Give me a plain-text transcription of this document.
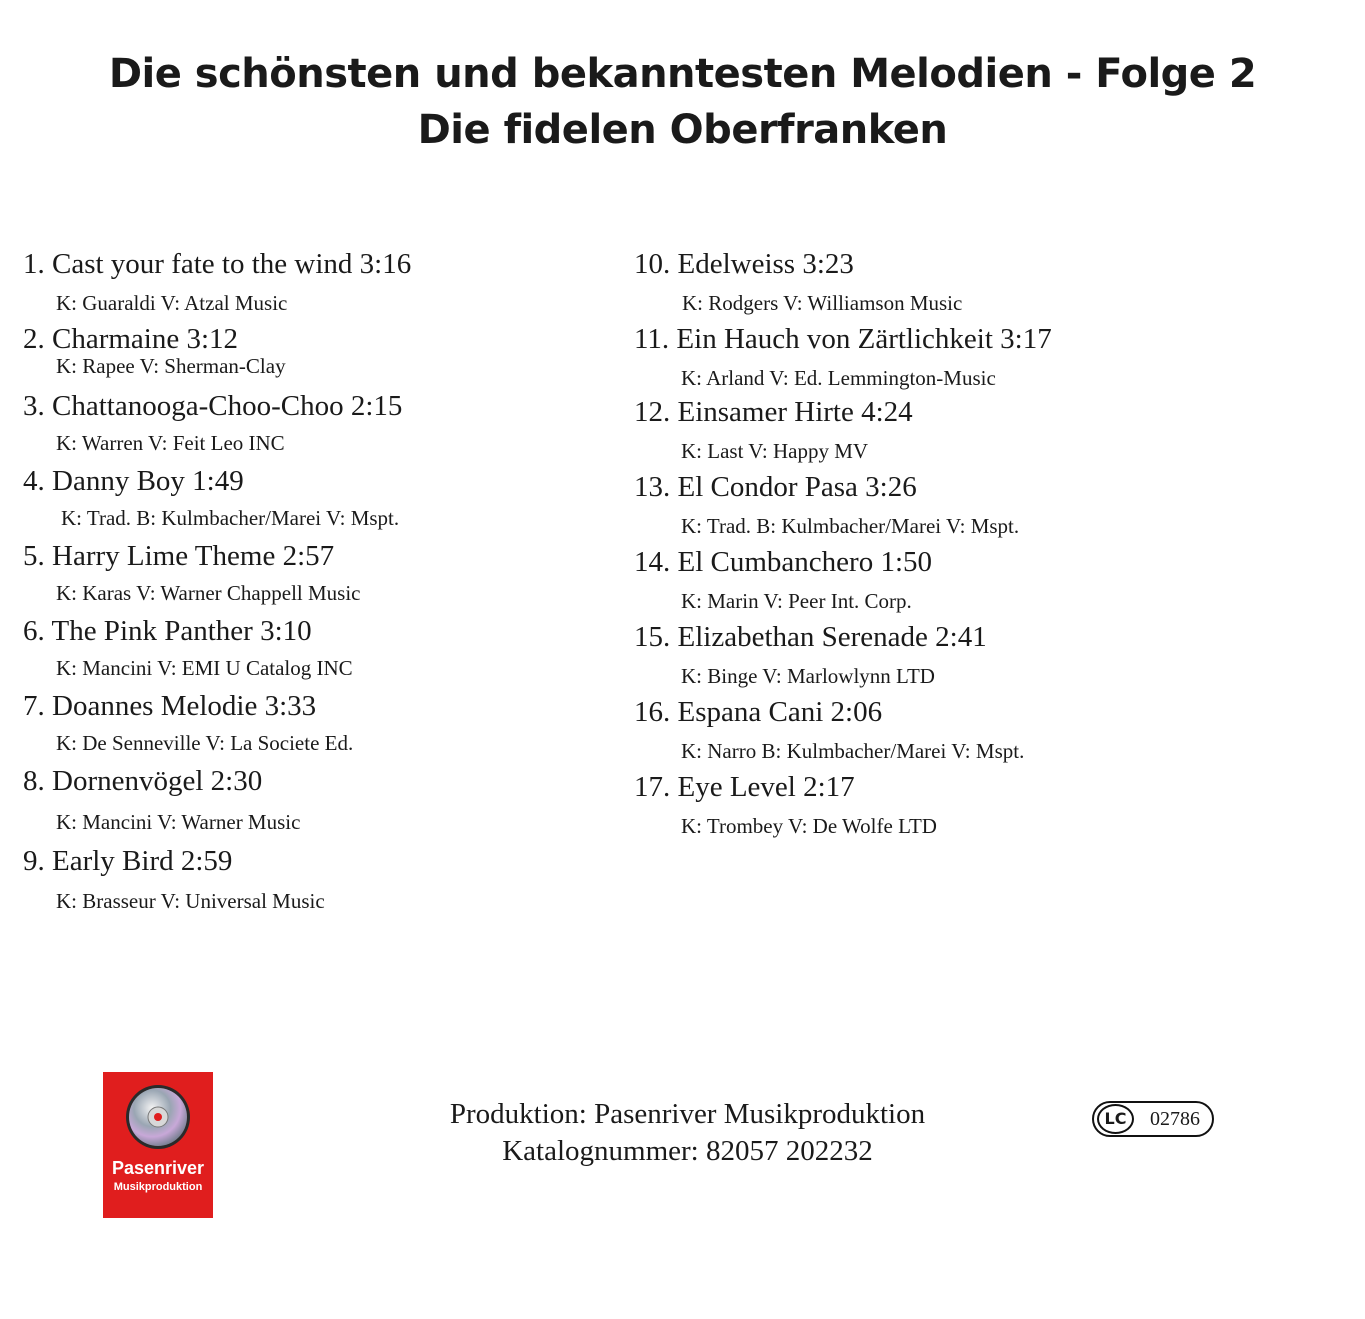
Die schönsten und bekanntesten Melodien - Folge 2
Die fidelen Oberfranken
1. Cast your fate to the wind 3:16
K: Guaraldi V: Atzal Music
2. Charmaine 3:12
K: Rapee V: Sherman-Clay
3. Chattanooga-Choo-Choo 2:15
K: Warren V: Feit Leo INC
4. Danny Boy 1:49
K: Trad. B: Kulmbacher/Marei V: Mspt.
5. Harry Lime Theme 2:57
K: Karas V: Warner Chappell Music
6. The Pink Panther 3:10
K: Mancini V: EMI U Catalog INC
7. Doannes Melodie 3:33
K: De Senneville V: La Societe Ed.
8. Dornenvögel 2:30
K: Mancini V: Warner Music
9. Early Bird 2:59
K: Brasseur V: Universal Music
10. Edelweiss 3:23
K: Rodgers V: Williamson Music
11. Ein Hauch von Zärtlichkeit 3:17
K: Arland V: Ed. Lemmington-Music
12. Einsamer Hirte 4:24
K: Last V: Happy MV
13. El Condor Pasa 3:26
K: Trad. B: Kulmbacher/Marei V: Mspt.
14. El Cumbanchero 1:50
K: Marin V: Peer Int. Corp.
15. Elizabethan Serenade 2:41
K: Binge V: Marlowlynn LTD
16. Espana Cani 2:06
K: Narro B: Kulmbacher/Marei V: Mspt.
17. Eye Level 2:17
K: Trombey V: De Wolfe LTD
Pasenriver
Musikproduktion
Produktion: Pasenriver Musikproduktion
Katalognummer: 82057 202232
LC	02786
